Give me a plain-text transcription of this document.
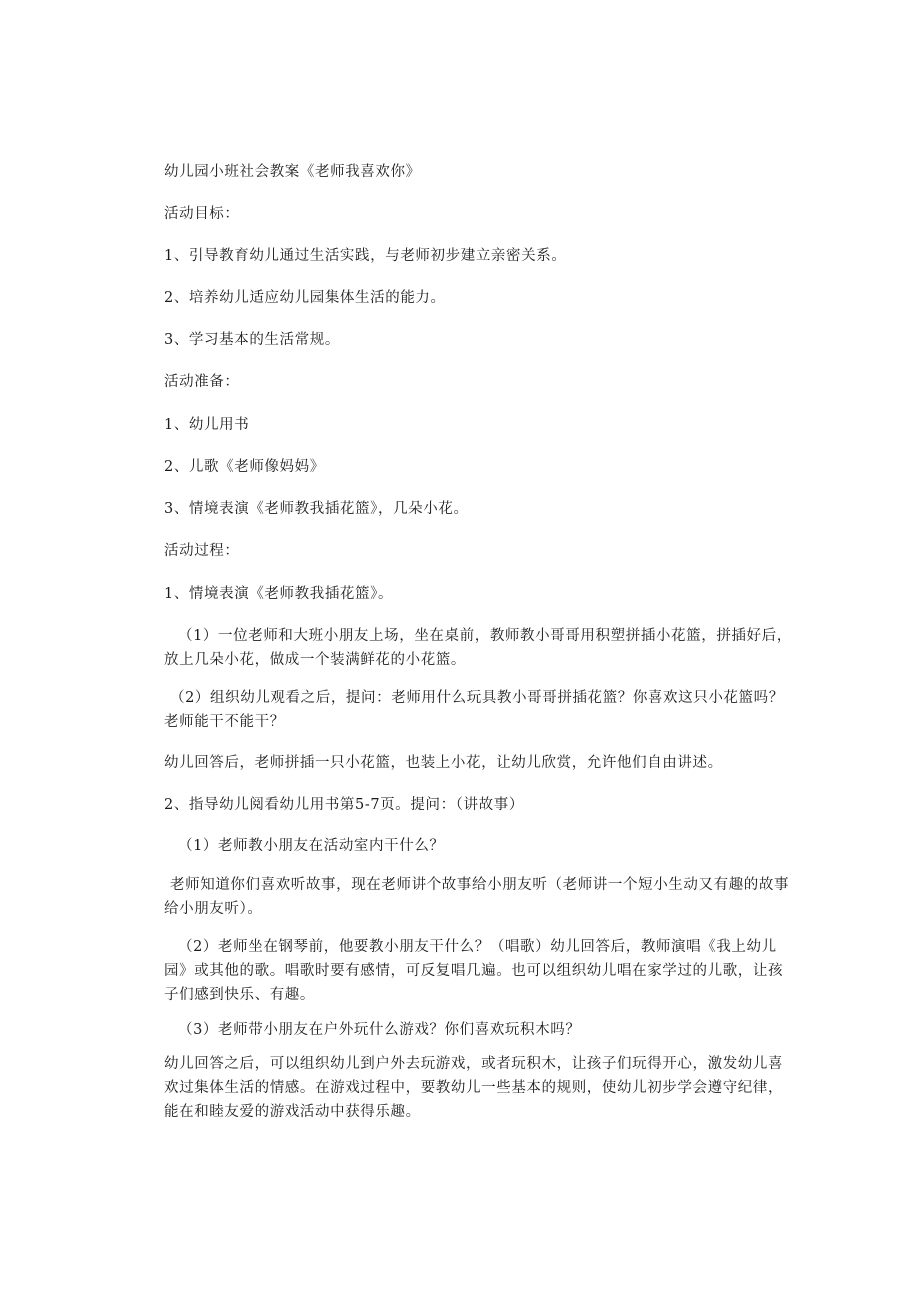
幼儿园小班社会教案《老师我喜欢你》
活动目标：
1、引导教育幼儿通过生活实践，与老师初步建立亲密关系。
2、培养幼儿适应幼儿园集体生活的能力。
3、学习基本的生活常规。
活动准备：
1、幼儿用书
2、儿歌《老师像妈妈》
3、情境表演《老师教我插花篮》，几朵小花。
活动过程：
1、情境表演《老师教我插花篮》。
（1）一位老师和大班小朋友上场，坐在桌前，教师教小哥哥用积塑拼插小花篮，拼插好后，放上几朵小花，做成一个装满鲜花的小花篮。
（2）组织幼儿观看之后，提问：老师用什么玩具教小哥哥拼插花篮？你喜欢这只小花篮吗？老师能干不能干？
幼儿回答后，老师拼插一只小花篮，也装上小花，让幼儿欣赏，允许他们自由讲述。
2、指导幼儿阅看幼儿用书第5-7页。提问：（讲故事）
（1）老师教小朋友在活动室内干什么？
老师知道你们喜欢听故事，现在老师讲个故事给小朋友听（老师讲一个短小生动又有趣的故事给小朋友听）。
（2）老师坐在钢琴前，他要教小朋友干什么？（唱歌）幼儿回答后，教师演唱《我上幼儿园》或其他的歌。唱歌时要有感情，可反复唱几遍。也可以组织幼儿唱在家学过的儿歌，让孩子们感到快乐、有趣。
（3）老师带小朋友在户外玩什么游戏？你们喜欢玩积木吗？
幼儿回答之后，可以组织幼儿到户外去玩游戏，或者玩积木，让孩子们玩得开心，激发幼儿喜欢过集体生活的情感。在游戏过程中，要教幼儿一些基本的规则，使幼儿初步学会遵守纪律，能在和睦友爱的游戏活动中获得乐趣。
